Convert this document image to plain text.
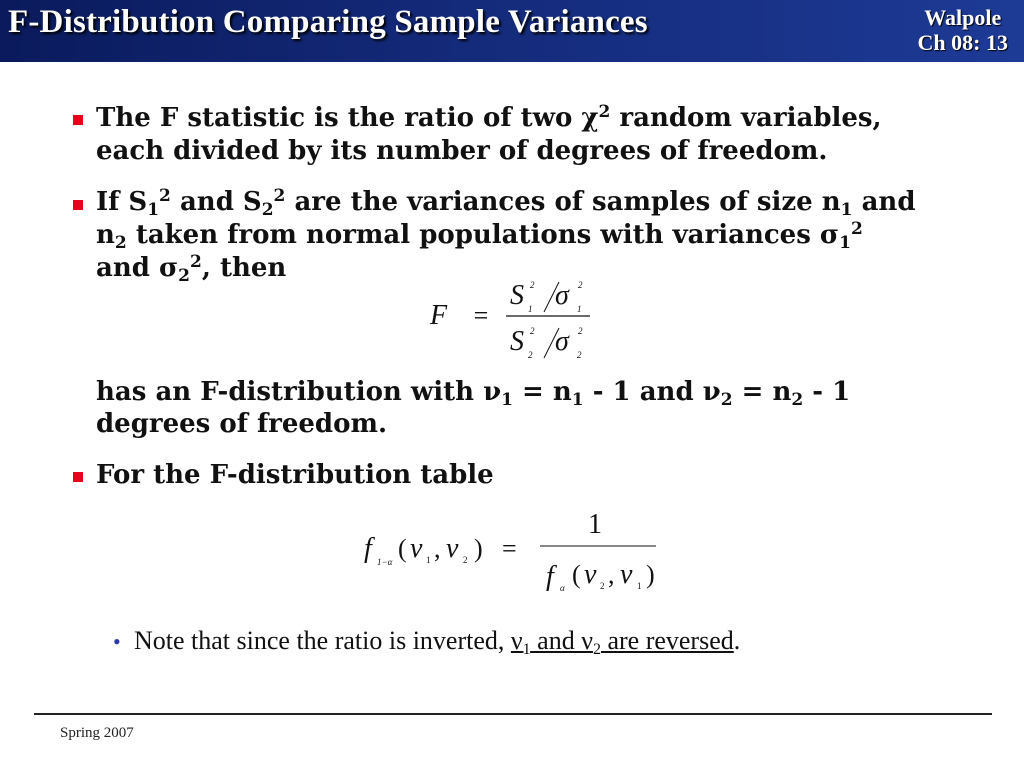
F-Distribution Comparing Sample Variances	Walpole
Ch 08: 13
The F statistic is the ratio of two $\chi^2$ random variables,
each divided by its number of degrees of freedom.
If $S_1^2$ and $S_2^2$ are the variances of samples of size $n_1$ and
$n_2$ taken from normal populations with variances $\sigma_1^2$
and $\sigma_2^2$, then
F =
S 2
1 σ 2
1
S 2
2 σ 2
2
has an F-distribution with $\nu_1 = n_1 - 1$ and $\nu_2 = n_2 - 1$
degrees of freedom.
For the F-distribution table
f 1−α ( ν 1 , ν 2 ) =
1
f α ( ν 2 , ν 1 )
• Note that since the ratio is inverted, $\nu_1$ and $\nu_2$ are reversed.
Spring 2007
